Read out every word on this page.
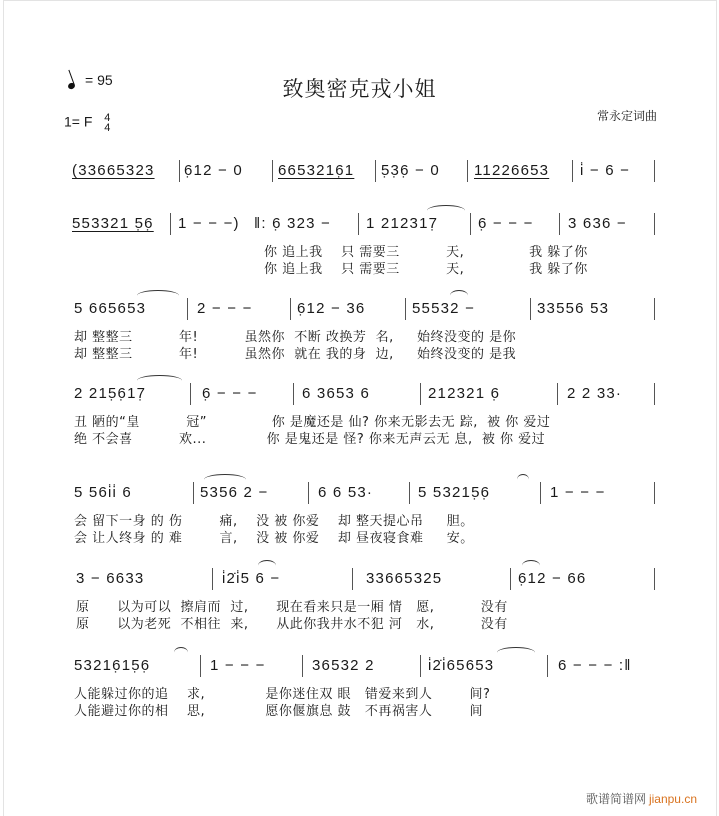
= 95
1= F 4
4
致奥密克戎小姐
常永定词曲
(33665323 6̣12 − 0 6653216̣1 5̣3̣6̣ − 0 11226653 i̇ − 6 −
553321 5̣6̣ 1 − − −) ‖: 6̣ 323 − 1 212317̣	6̣ − − − 3 636 −
你 追上我    只 需要三          天,              我 躲了你
你 追上我    只 需要三          天,              我 躲了你
5 665653	2 − − −	6̣12 − 36	55532 −	33556 53
却 整整三          年!          虽然你  不断 改换芳  名,     始终没变的 是你
却 整整三          年!          虽然你  就在 我的身  边,     始终没变的 是我
2 215̣6̣17̣	6̣ − − −	6 3653 6	212321 6̣	2 2 33·
丑 陋的“皇          冠”              你 是魔还是 仙? 你来无影去无 踪,  被 你 爱过
绝 不会喜          欢...             你 是鬼还是 怪? 你来无声云无 息,  被 你 爱过
5 56i̇i̇ 6	5356 2 −	6 6 53·	5 53215̣6̣	1 − − −
会 留下一身 的 伤        痛,    没 被 你爱    却 整天提心吊     胆。
会 让人终身 的 难        言,    没 被 你爱    却 昼夜寝食难     安。
3 − 6633	i̇2̇i̇5 6 −	33665325	6̣12 − 66
原      以为可以  擦肩而  过,      现在看来只是一厢 情   愿,          没有
原      以为老死  不相往  来,      从此你我井水不犯 河   水,          没有
53216̣15̣6̣	1 − − −	36532 2	i̇2̇i̇65653	6 − − − :‖
人能躲过你的追    求,             是你迷住双 眼   错爱来到人        间?
人能避过你的相    思,             愿你偃旗息 鼓   不再祸害人        间
歌谱简谱网 jianpu.cn
